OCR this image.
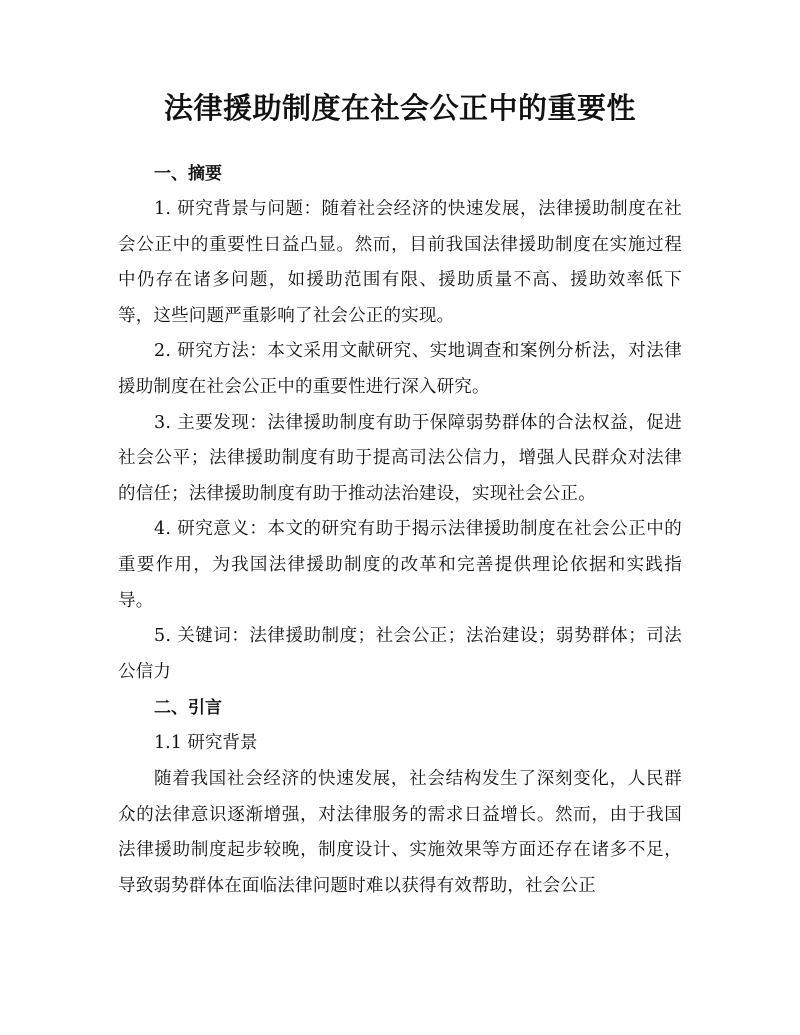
法律援助制度在社会公正中的重要性
一、摘要

1. 研究背景与问题：随着社会经济的快速发展，法律援助制度在社会公正中的重要性日益凸显。然而，目前我国法律援助制度在实施过程中仍存在诸多问题，如援助范围有限、援助质量不高、援助效率低下等，这些问题严重影响了社会公正的实现。

2. 研究方法：本文采用文献研究、实地调查和案例分析法，对法律援助制度在社会公正中的重要性进行深入研究。

3. 主要发现：法律援助制度有助于保障弱势群体的合法权益，促进社会公平；法律援助制度有助于提高司法公信力，增强人民群众对法律的信任；法律援助制度有助于推动法治建设，实现社会公正。

4. 研究意义：本文的研究有助于揭示法律援助制度在社会公正中的重要作用，为我国法律援助制度的改革和完善提供理论依据和实践指导。

5. 关键词：法律援助制度；社会公正；法治建设；弱势群体；司法公信力

二、引言

1.1 研究背景

随着我国社会经济的快速发展，社会结构发生了深刻变化，人民群众的法律意识逐渐增强，对法律服务的需求日益增长。然而，由于我国法律援助制度起步较晚，制度设计、实施效果等方面还存在诸多不足，导致弱势群体在面临法律问题时难以获得有效帮助，社会公正
